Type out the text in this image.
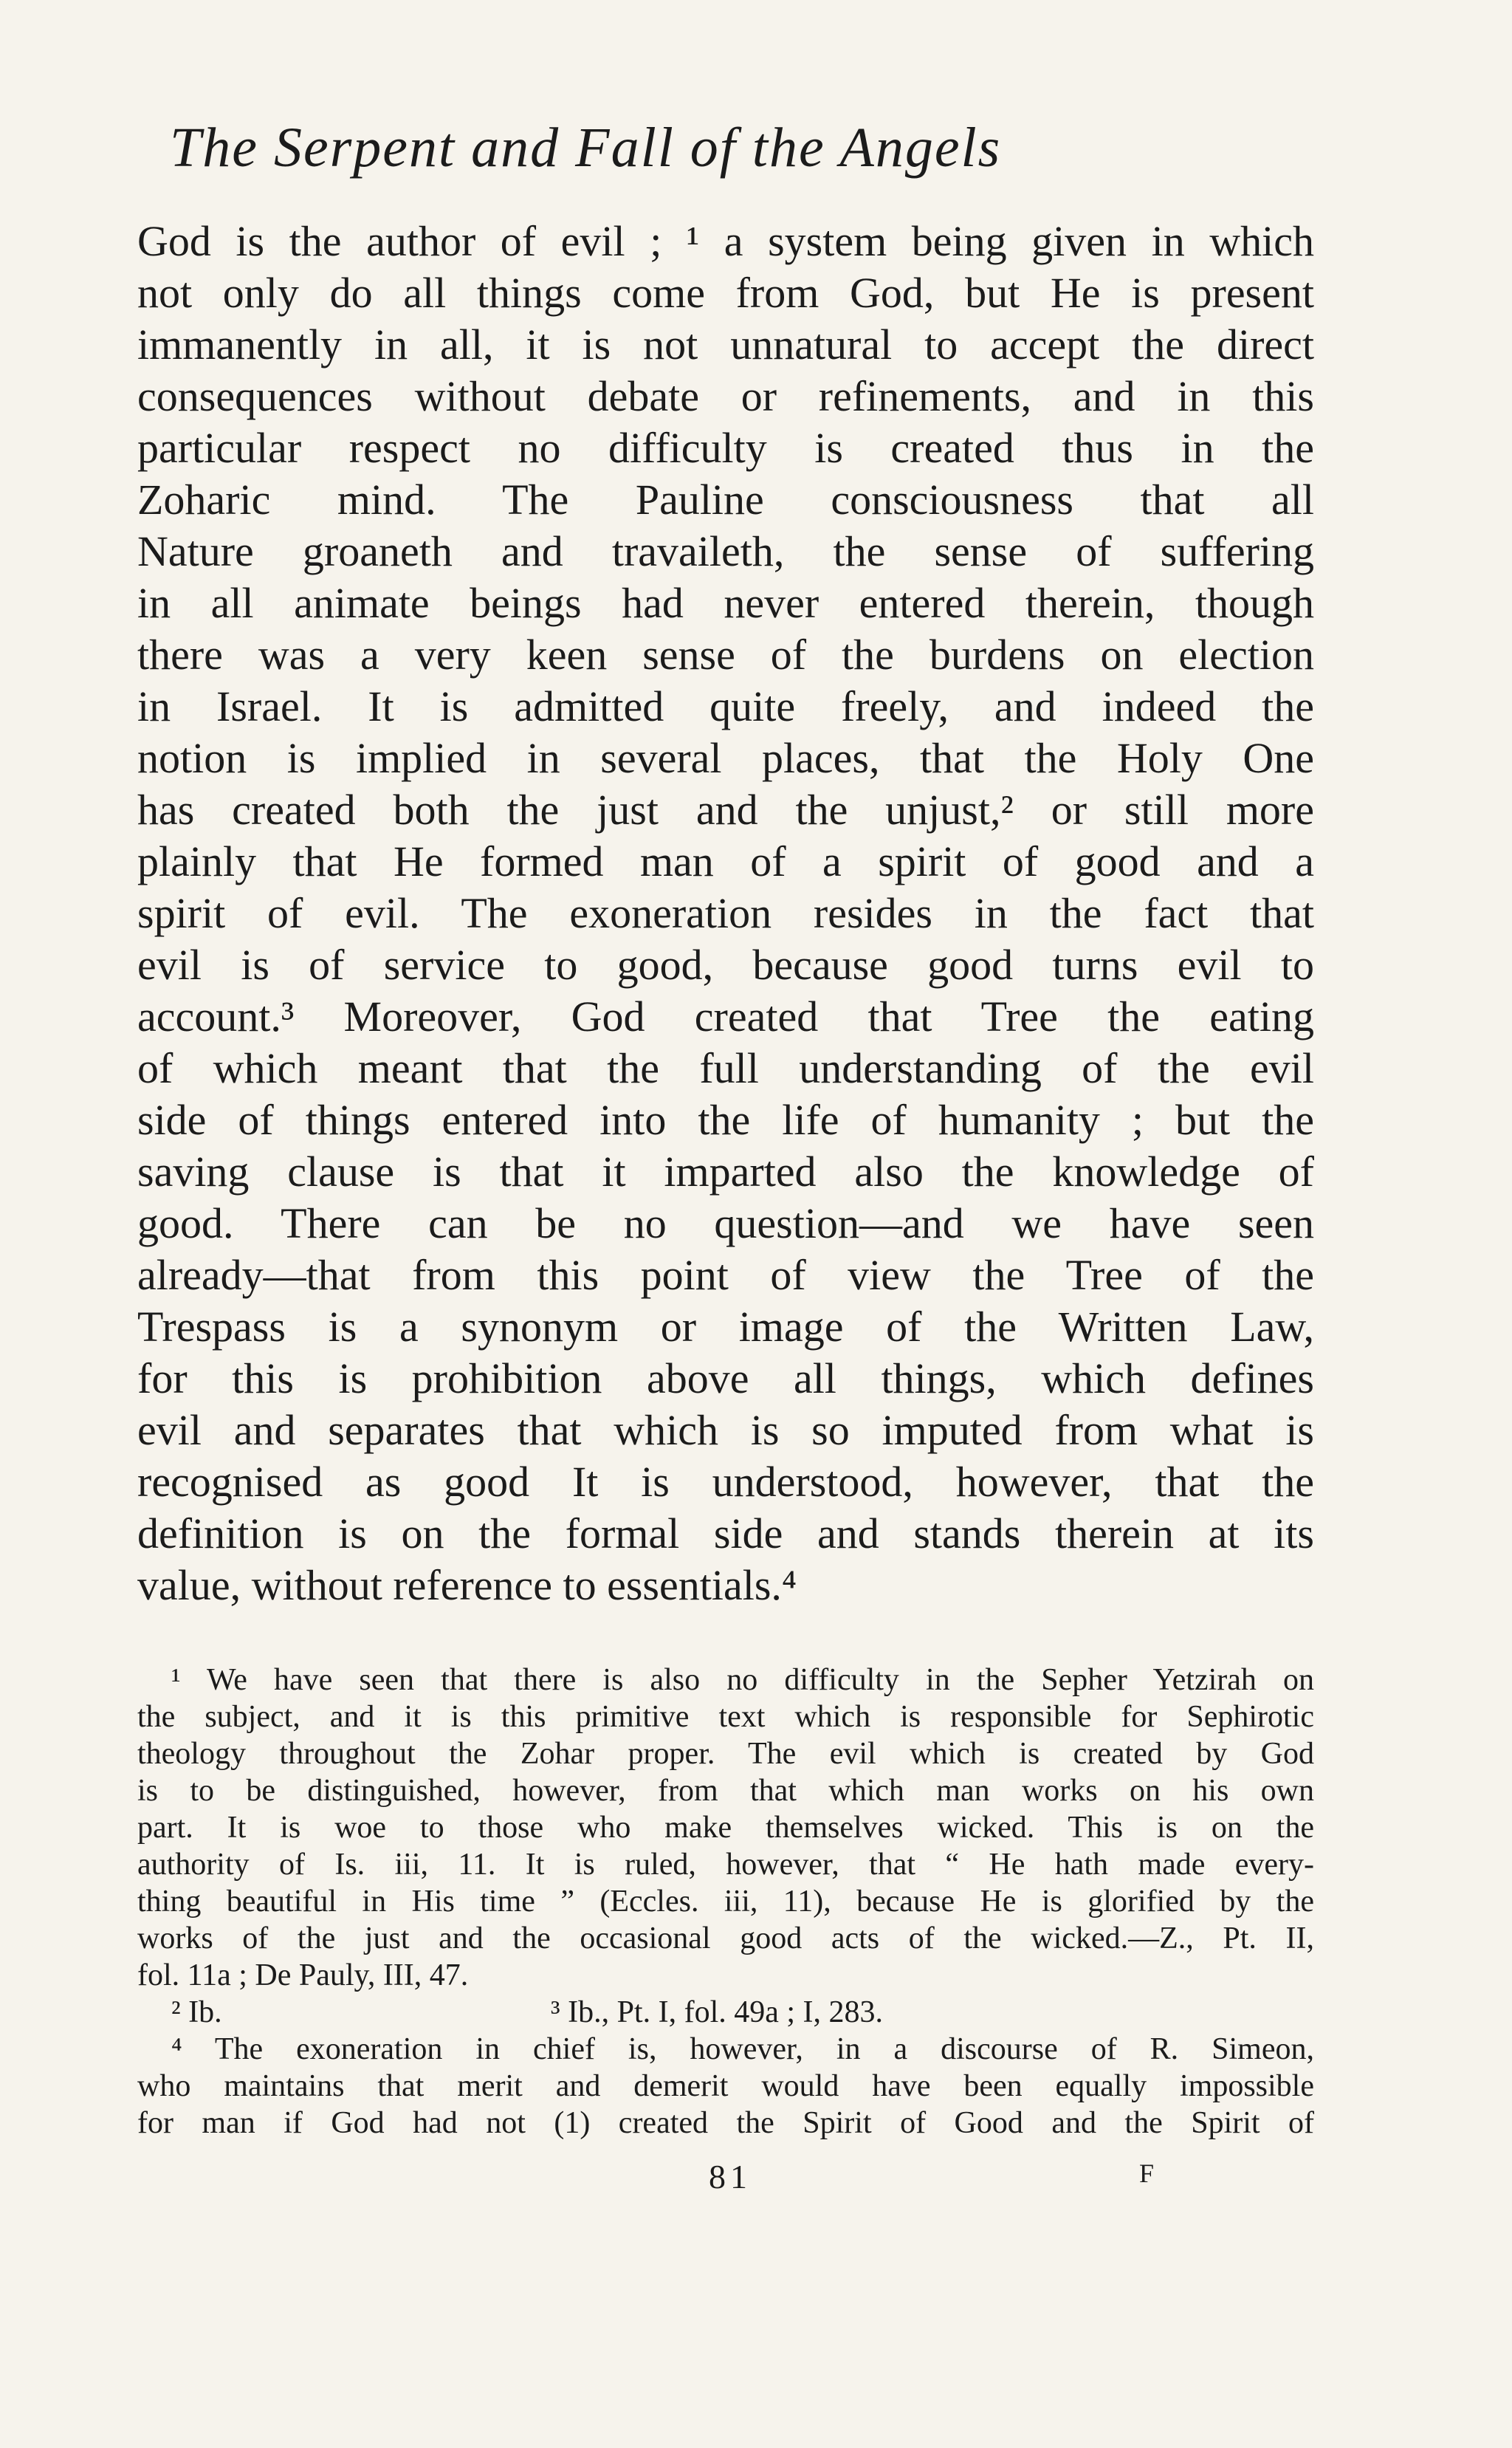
The Serpent and Fall of the Angels
God is the author of evil ; ¹ a system being given in which
not only do all things come from God, but He is present
immanently in all, it is not unnatural to accept the direct
consequences without debate or refinements, and in this
particular respect no difficulty is created thus in the
Zoharic mind. The Pauline consciousness that all
Nature groaneth and travaileth, the sense of suffering
in all animate beings had never entered therein, though
there was a very keen sense of the burdens on election
in Israel. It is admitted quite freely, and indeed the
notion is implied in several places, that the Holy One
has created both the just and the unjust,² or still more
plainly that He formed man of a spirit of good and a
spirit of evil. The exoneration resides in the fact that
evil is of service to good, because good turns evil to
account.³ Moreover, God created that Tree the eating
of which meant that the full understanding of the evil
side of things entered into the life of humanity ; but the
saving clause is that it imparted also the knowledge of
good. There can be no question—and we have seen
already—that from this point of view the Tree of the
Trespass is a synonym or image of the Written Law,
for this is prohibition above all things, which defines
evil and separates that which is so imputed from what is
recognised as good It is understood, however, that the
definition is on the formal side and stands therein at its
value, without reference to essentials.⁴
¹ We have seen that there is also no difficulty in the Sepher Yetzirah on
the subject, and it is this primitive text which is responsible for Sephirotic
theology throughout the Zohar proper. The evil which is created by God
is to be distinguished, however, from that which man works on his own
part. It is woe to those who make themselves wicked. This is on the
authority of Is. iii, 11. It is ruled, however, that “ He hath made every-
thing beautiful in His time ” (Eccles. iii, 11), because He is glorified by the
works of the just and the occasional good acts of the wicked.—Z., Pt. II,
fol. 11a ; De Pauly, III, 47.
² Ib.	³ Ib., Pt. I, fol. 49a ; I, 283.
⁴ The exoneration in chief is, however, in a discourse of R. Simeon,
who maintains that merit and demerit would have been equally impossible
for man if God had not (1) created the Spirit of Good and the Spirit of
81	F
